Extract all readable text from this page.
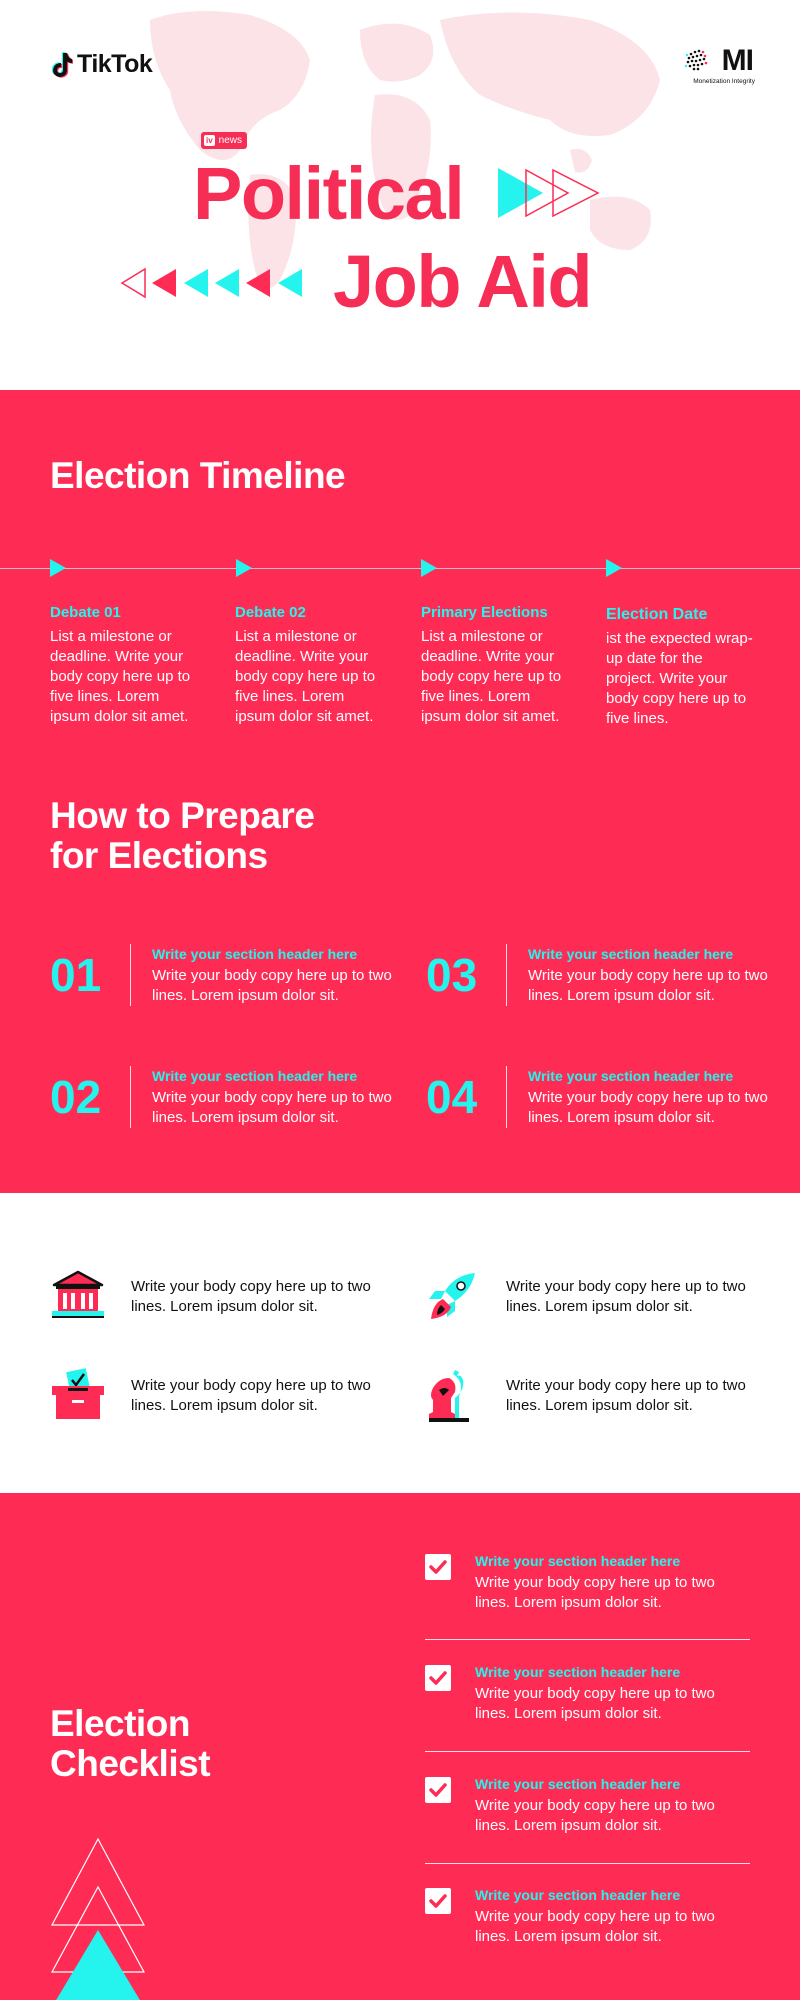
TikTok	MI
Monetization Integrity
iv news
Political
Job Aid
Election Timeline
Debate 01
List a milestone or deadline. Write your body copy here up to five lines. Lorem ipsum dolor sit amet.
Debate 02
List a milestone or deadline. Write your body copy here up to five lines. Lorem ipsum dolor sit amet.
Primary Elections
List a milestone or deadline. Write your body copy here up to five lines. Lorem ipsum dolor sit amet.
Election Date
ist the expected wrap-up date for the project. Write your body copy here up to five lines.
How to Prepare for Elections
01	Write your section header here
Write your body copy here up to two lines. Lorem ipsum dolor sit.
02	Write your section header here
Write your body copy here up to two lines. Lorem ipsum dolor sit.
03	Write your section header here
Write your body copy here up to two lines. Lorem ipsum dolor sit.
04	Write your section header here
Write your body copy here up to two lines. Lorem ipsum dolor sit.
Write your body copy here up to two lines. Lorem ipsum dolor sit.
Write your body copy here up to two lines. Lorem ipsum dolor sit.
Write your body copy here up to two lines. Lorem ipsum dolor sit.
Write your body copy here up to two lines. Lorem ipsum dolor sit.
Election Checklist
Write your section header here
Write your body copy here up to two lines. Lorem ipsum dolor sit.
Write your section header here
Write your body copy here up to two lines. Lorem ipsum dolor sit.
Write your section header here
Write your body copy here up to two lines. Lorem ipsum dolor sit.
Write your section header here
Write your body copy here up to two lines. Lorem ipsum dolor sit.
